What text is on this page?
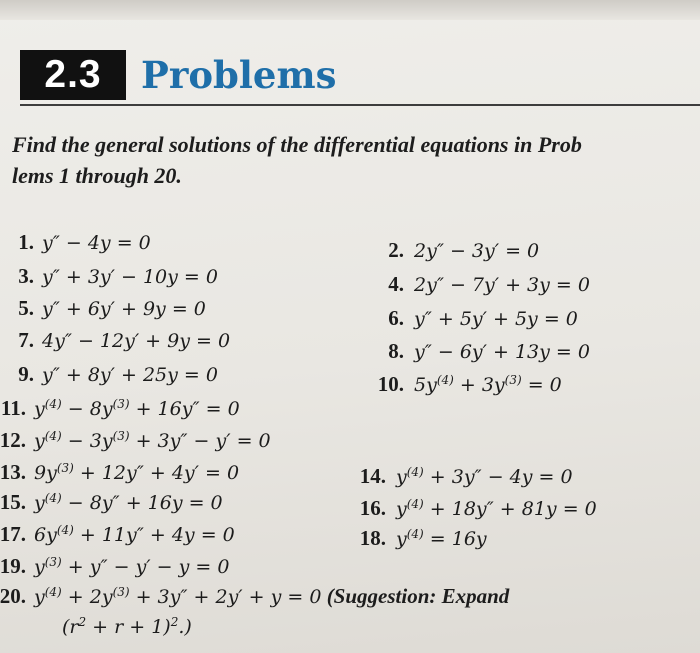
2.3	Problems
Find the general solutions of the differential equations in Prob
lems 1 through 20.
1. y″ − 4y = 0	2. 2y″ − 3y′ = 0
3. y″ + 3y′ − 10y = 0	4. 2y″ − 7y′ + 3y = 0
5. y″ + 6y′ + 9y = 0	6. y″ + 5y′ + 5y = 0
7. 4y″ − 12y′ + 9y = 0	8. y″ − 6y′ + 13y = 0
9. y″ + 8y′ + 25y = 0	10. $5y^{(4)} + 3y^{(3)} = 0$
11. $y^{(4)} - 8y^{(3)} + 16y'' = 0$
12. $y^{(4)} - 3y^{(3)} + 3y'' - y' = 0$
13. $9y^{(3)} + 12y'' + 4y' = 0$	14. $y^{(4)} + 3y'' - 4y = 0$
15. $y^{(4)} - 8y'' + 16y = 0$	16. $y^{(4)} + 18y'' + 81y = 0$
17. $6y^{(4)} + 11y'' + 4y = 0$	18. $y^{(4)} = 16y$
19. $y^{(3)} + y'' - y' - y = 0$
20. $y^{(4)} + 2y^{(3)} + 3y'' + 2y' + y = 0$ (Suggestion: Expand
$(r^2 + r + 1)^2$.)
